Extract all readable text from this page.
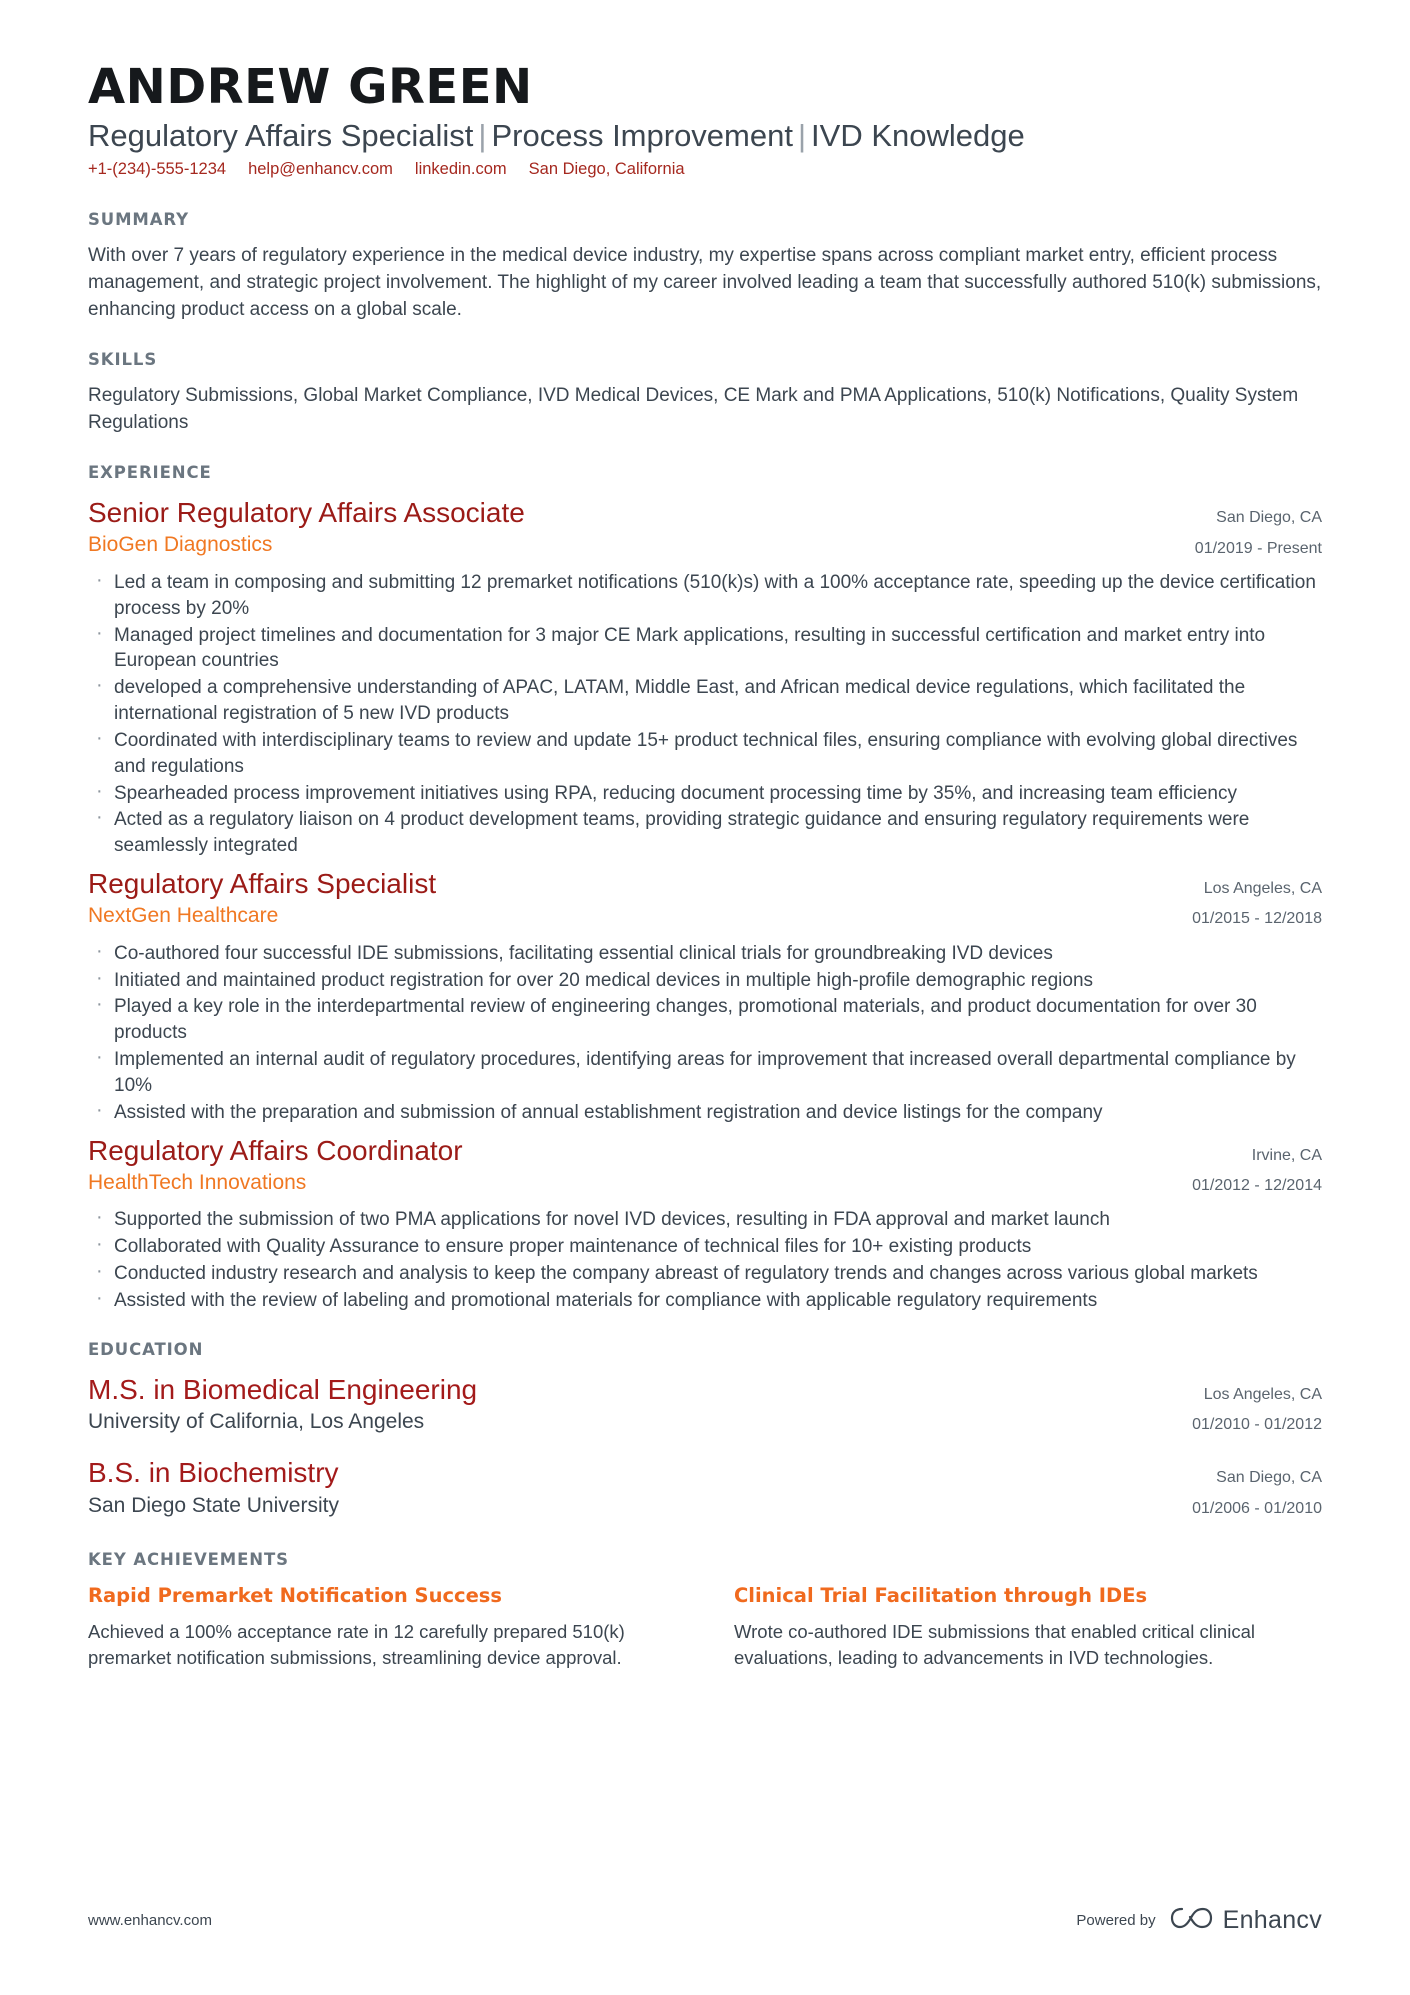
ANDREW GREEN
Regulatory Affairs Specialist | Process Improvement | IVD Knowledge
+1-(234)-555-1234 help@enhancv.com linkedin.com San Diego, California
SUMMARY

With over 7 years of regulatory experience in the medical device industry, my expertise spans across compliant market entry, efficient process management, and strategic project involvement. The highlight of my career involved leading a team that successfully authored 510(k) submissions, enhancing product access on a global scale.

SKILLS

Regulatory Submissions, Global Market Compliance, IVD Medical Devices, CE Mark and PMA Applications, 510(k) Notifications, Quality System Regulations

EXPERIENCE
Senior Regulatory Affairs Associate
BioGen Diagnostics
San Diego, CA
01/2019 - Present
· Led a team in composing and submitting 12 premarket notifications (510(k)s) with a 100% acceptance rate, speeding up the device certification process by 20%
· Managed project timelines and documentation for 3 major CE Mark applications, resulting in successful certification and market entry into European countries
· developed a comprehensive understanding of APAC, LATAM, Middle East, and African medical device regulations, which facilitated the international registration of 5 new IVD products
· Coordinated with interdisciplinary teams to review and update 15+ product technical files, ensuring compliance with evolving global directives and regulations
· Spearheaded process improvement initiatives using RPA, reducing document processing time by 35%, and increasing team efficiency
· Acted as a regulatory liaison on 4 product development teams, providing strategic guidance and ensuring regulatory requirements were seamlessly integrated
Regulatory Affairs Specialist
NextGen Healthcare
Los Angeles, CA
01/2015 - 12/2018
· Co-authored four successful IDE submissions, facilitating essential clinical trials for groundbreaking IVD devices
· Initiated and maintained product registration for over 20 medical devices in multiple high-profile demographic regions
· Played a key role in the interdepartmental review of engineering changes, promotional materials, and product documentation for over 30 products
· Implemented an internal audit of regulatory procedures, identifying areas for improvement that increased overall departmental compliance by 10%
· Assisted with the preparation and submission of annual establishment registration and device listings for the company
Regulatory Affairs Coordinator
HealthTech Innovations
Irvine, CA
01/2012 - 12/2014
· Supported the submission of two PMA applications for novel IVD devices, resulting in FDA approval and market launch
· Collaborated with Quality Assurance to ensure proper maintenance of technical files for 10+ existing products
· Conducted industry research and analysis to keep the company abreast of regulatory trends and changes across various global markets
· Assisted with the review of labeling and promotional materials for compliance with applicable regulatory requirements
EDUCATION
M.S. in Biomedical Engineering
University of California, Los Angeles
Los Angeles, CA
01/2010 - 01/2012
B.S. in Biochemistry
San Diego State University
San Diego, CA
01/2006 - 01/2010
KEY ACHIEVEMENTS
Rapid Premarket Notification Success

Achieved a 100% acceptance rate in 12 carefully prepared 510(k) premarket notification submissions, streamlining device approval.

Clinical Trial Facilitation through IDEs

Wrote co-authored IDE submissions that enabled critical clinical evaluations, leading to advancements in IVD technologies.

www.enhancv.com	Powered by	Enhancv
